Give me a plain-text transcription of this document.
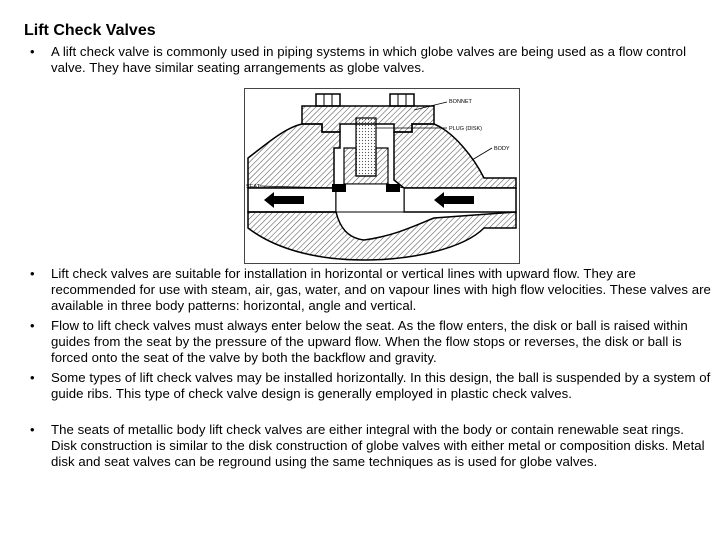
Lift Check Valves
• A lift check valve is commonly used in piping systems in which globe valves are being used as a flow control valve. They have similar seating arrangements as globe valves.
BONNET
PLUG (DISK)
BODY
SEAT
OUTLET	INLET
• Lift check valves are suitable for installation in horizontal or vertical lines with upward flow. They are recommended for use with steam, air, gas, water, and on vapour lines with high flow velocities. These valves are available in three body patterns: horizontal, angle and vertical.
• Flow to lift check valves must always enter below the seat. As the flow enters, the disk or ball is raised within guides from the seat by the pressure of the upward flow. When the flow stops or reverses, the disk or ball is forced onto the seat of the valve by both the backflow and gravity.
• Some types of lift check valves may be installed horizontally. In this design, the ball is suspended by a system of guide ribs. This type of check valve design is generally employed in plastic check valves.
• The seats of metallic body lift check valves are either integral with the body or contain renewable seat rings. Disk construction is similar to the disk construction of globe valves with either metal or composition disks. Metal disk and seat valves can be reground using the same techniques as is used for globe valves.
